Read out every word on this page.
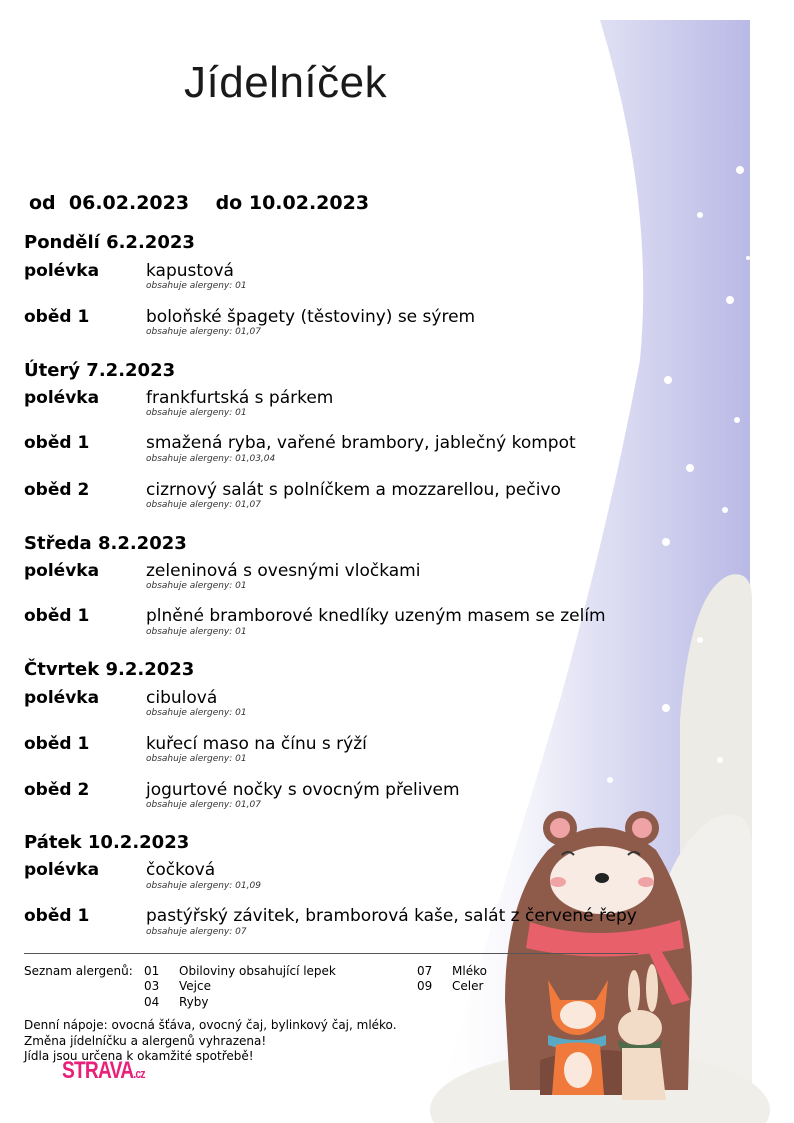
Jídelníček
od 06.02.2023 do 10.02.2023
Pondělí 6.2.2023
polévka	kapustová
obsahuje alergeny: 01
oběd 1	boloňské špagety (těstoviny) se sýrem
obsahuje alergeny: 01,07
Úterý 7.2.2023
polévka	frankfurtská s párkem
obsahuje alergeny: 01
oběd 1	smažená ryba, vařené brambory, jablečný kompot
obsahuje alergeny: 01,03,04
oběd 2	cizrnový salát s polníčkem a mozzarellou, pečivo
obsahuje alergeny: 01,07
Středa 8.2.2023
polévka	zeleninová s ovesnými vločkami
obsahuje alergeny: 01
oběd 1	plněné bramborové knedlíky uzeným masem se zelím
obsahuje alergeny: 01
Čtvrtek 9.2.2023
polévka	cibulová
obsahuje alergeny: 01
oběd 1	kuřecí maso na čínu s rýží
obsahuje alergeny: 01
oběd 2	jogurtové nočky s ovocným přelivem
obsahuje alergeny: 01,07
Pátek 10.2.2023
polévka	čočková
obsahuje alergeny: 01,09
oběd 1	pastýřský závitek, bramborová kaše, salát z červené řepy
obsahuje alergeny: 07
Seznam alergenů: 01 Obiloviny obsahující lepek
03 Vejce
04 Ryby
07 Mléko
09 Celer
Denní nápoje: ovocná šťáva, ovocný čaj, bylinkový čaj, mléko.
Změna jídelníčku a alergenů vyhrazena!
Jídla jsou určena k okamžité spotřebě!
STRAVA.cz
